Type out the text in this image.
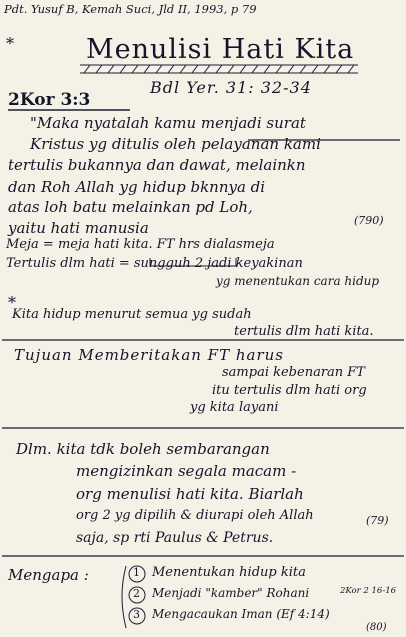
Pdt. Yusuf B, Kemah Suci, Jld II, 1993, p 79
*	Menulisi Hati Kita
Bdl Yer. 31: 32-34
2Kor 3:3
"Maka nyatalah kamu menjadi surat
Kristus yg ditulis oleh pelayanan kami
tertulis bukannya dan dawat, melainkn
dan Roh Allah yg hidup bknnya di
atas loh batu melainkan pd Loh,
yaitu hati manusia	(790)
Meja = meja hati kita. FT hrs dialasmeja
Tertulis dlm hati = sungguh 2 jadi keyakinan
yg menentukan cara hidup
*
Kita hidup menurut semua yg sudah
tertulis dlm hati kita.
Tujuan Memberitakan FT harus
sampai kebenaran FT
itu tertulis dlm hati org
yg kita layani
Dlm. kita tdk boleh sembarangan
mengizinkan segala macam -
org menulisi hati kita. Biarlah
org 2 yg dipilih & diurapi oleh Allah
saja, sp rti Paulus & Petrus.
(79)
Mengapa :	1 Menentukan hidup kita
2 Menjadi "kamber" Rohani	2Kor 2 16-16
3 Mengacaukan Iman (Ef 4:14)
(80)
